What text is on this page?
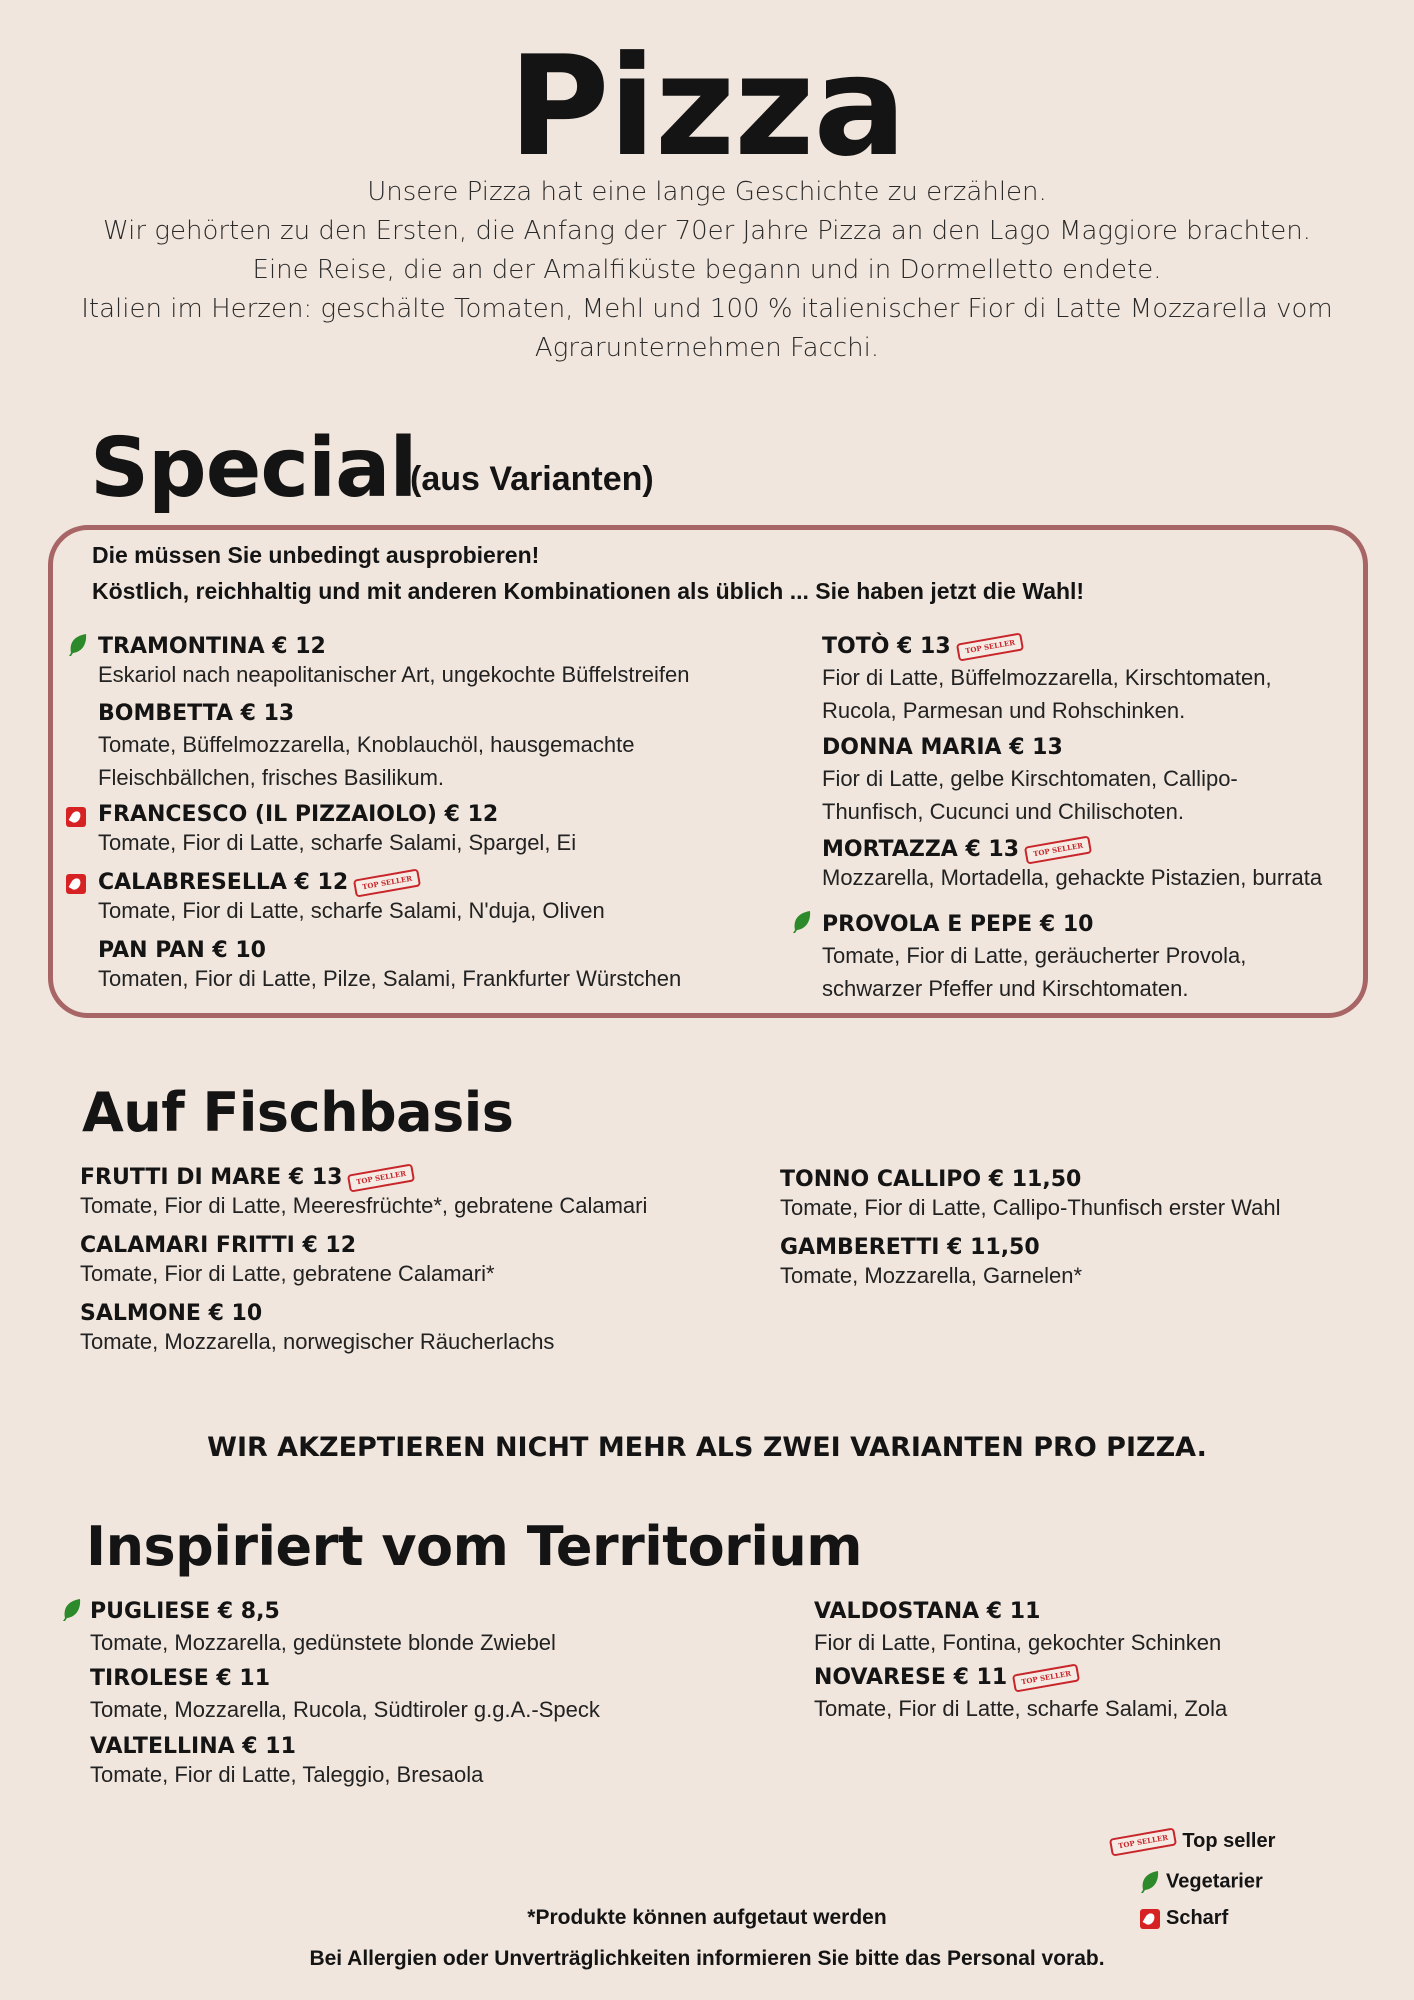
Pizza
Unsere Pizza hat eine lange Geschichte zu erzählen.
Wir gehörten zu den Ersten, die Anfang der 70er Jahre Pizza an den Lago Maggiore brachten.
Eine Reise, die an der Amalfiküste begann und in Dormelletto endete.
Italien im Herzen: geschälte Tomaten, Mehl und 100 % italienischer Fior di Latte Mozzarella vom
Agrarunternehmen Facchi.
Special
(aus Varianten)
Die müssen Sie unbedingt ausprobieren!
Köstlich, reichhaltig und mit anderen Kombinationen als üblich ... Sie haben jetzt die Wahl!
TRAMONTINA € 12
Eskariol nach neapolitanischer Art, ungekochte Büffelstreifen
BOMBETTA € 13
Tomate, Büffelmozzarella, Knoblauchöl, hausgemachte Fleischbällchen, frisches Basilikum.
FRANCESCO (IL PIZZAIOLO) € 12
Tomate, Fior di Latte, scharfe Salami, Spargel, Ei
CALABRESELLA € 12 TOP SELLER
Tomate, Fior di Latte, scharfe Salami, N'duja, Oliven
PAN PAN € 10
Tomaten, Fior di Latte, Pilze, Salami, Frankfurter Würstchen
TOTÒ € 13 TOP SELLER
Fior di Latte, Büffelmozzarella, Kirschtomaten, Rucola, Parmesan und Rohschinken.
DONNA MARIA € 13
Fior di Latte, gelbe Kirschtomaten, Callipo-Thunfisch, Cucunci und Chilischoten.
MORTAZZA € 13 TOP SELLER
Mozzarella, Mortadella, gehackte Pistazien, burrata
PROVOLA E PEPE € 10
Tomate, Fior di Latte, geräucherter Provola, schwarzer Pfeffer und Kirschtomaten.
Auf Fischbasis
FRUTTI DI MARE € 13 TOP SELLER
Tomate, Fior di Latte, Meeresfrüchte*, gebratene Calamari
CALAMARI FRITTI € 12
Tomate, Fior di Latte, gebratene Calamari*
SALMONE € 10
Tomate, Mozzarella, norwegischer Räucherlachs
TONNO CALLIPO € 11,50
Tomate, Fior di Latte, Callipo-Thunfisch erster Wahl
GAMBERETTI € 11,50
Tomate, Mozzarella, Garnelen*
WIR AKZEPTIEREN NICHT MEHR ALS ZWEI VARIANTEN PRO PIZZA.
Inspiriert vom Territorium
PUGLIESE € 8,5
Tomate, Mozzarella, gedünstete blonde Zwiebel
TIROLESE € 11
Tomate, Mozzarella, Rucola, Südtiroler g.g.A.-Speck
VALTELLINA € 11
Tomate, Fior di Latte, Taleggio, Bresaola
VALDOSTANA € 11
Fior di Latte, Fontina, gekochter Schinken
NOVARESE € 11 TOP SELLER
Tomate, Fior di Latte, scharfe Salami, Zola
TOP SELLER Top seller
Vegetarier
Scharf
*Produkte können aufgetaut werden
Bei Allergien oder Unverträglichkeiten informieren Sie bitte das Personal vorab.
